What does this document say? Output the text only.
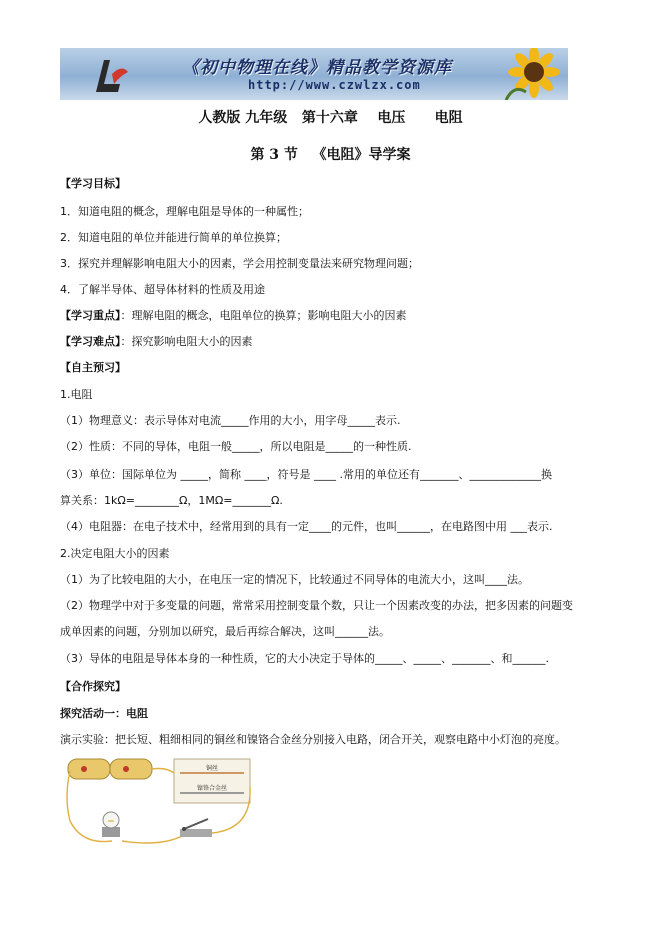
《初中物理在线》精品教学资源库
http://www.czwlzx.com
人教版 九年级   第十六章    电压      电阻
第 3 节   《电阻》导学案
【学习目标】
1．知道电阻的概念，理解电阻是导体的一种属性；
2．知道电阻的单位并能进行简单的单位换算；
3．探究并理解影响电阻大小的因素，学会用控制变量法来研究物理问题；
4．了解半导体、超导体材料的性质及用途
【学习重点】：理解电阻的概念，电阻单位的换算；影响电阻大小的因素
【学习难点】：探究影响电阻大小的因素
【自主预习】
1.电阻
（1）物理意义：表示导体对电流_____作用的大小，用字母_____表示.
（2）性质：不同的导体，电阻一般_____，所以电阻是_____的一种性质.
（3）单位：国际单位为 _____，简称 ____，符号是 ____ .常用的单位还有_______、_____________换
算关系：1kΩ=________Ω，1MΩ=_______Ω.
（4）电阻器：在电子技术中，经常用到的具有一定____的元件，也叫______，在电路图中用 ___表示.
2.决定电阻大小的因素
（1）为了比较电阻的大小，在电压一定的情况下，比较通过不同导体的电流大小，这叫____法。
（2）物理学中对于多变量的问题，常常采用控制变量个数，只让一个因素改变的办法，把多因素的问题变
成单因素的问题，分别加以研究，最后再综合解决，这叫______法。
（3）导体的电阻是导体本身的一种性质，它的大小决定于导体的_____、_____、_______、和______.
【合作探究】
探究活动一：电阻
演示实验：把长短、粗细相同的铜丝和镍铬合金丝分别接入电路，闭合开关，观察电路中小灯泡的亮度。
铜丝
镍铬合金丝
